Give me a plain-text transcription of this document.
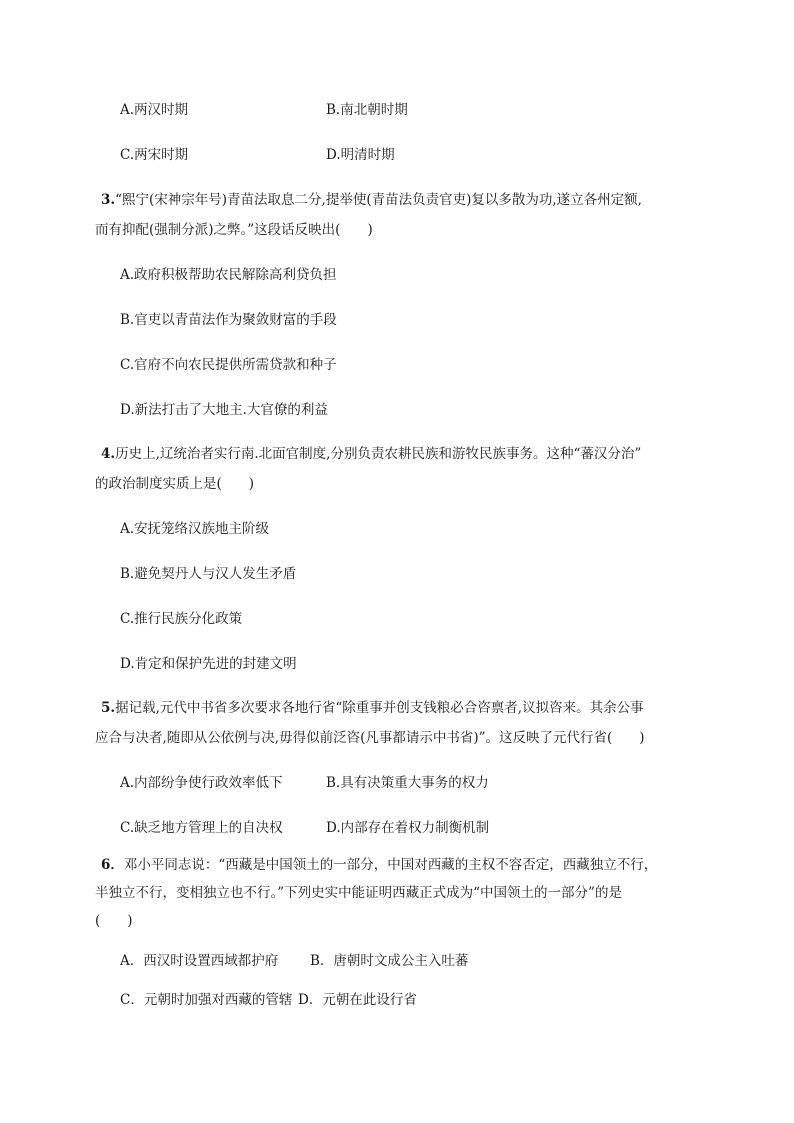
A.两汉时期	B.南北朝时期
C.两宋时期	D.明清时期
3.“熙宁(宋神宗年号)青苗法取息二分,提举使(青苗法负责官吏)复以多散为功,遂立各州定额,
而有抑配(强制分派)之弊。”这段话反映出(　　)
A.政府积极帮助农民解除高利贷负担
B.官吏以青苗法作为聚敛财富的手段
C.官府不向农民提供所需贷款和种子
D.新法打击了大地主.大官僚的利益
4.历史上,辽统治者实行南.北面官制度,分别负责农耕民族和游牧民族事务。这种“蕃汉分治”
的政治制度实质上是(　　)
A.安抚笼络汉族地主阶级
B.避免契丹人与汉人发生矛盾
C.推行民族分化政策
D.肯定和保护先进的封建文明
5.据记载,元代中书省多次要求各地行省“除重事并创支钱粮必合咨禀者,议拟咨来。其余公事
应合与决者,随即从公依例与决,毋得似前泛咨(凡事都请示中书省)”。这反映了元代行省(　　)
A.内部纷争使行政效率低下	B.具有决策重大事务的权力
C.缺乏地方管理上的自决权	D.内部存在着权力制衡机制
6．邓小平同志说：“西藏是中国领土的一部分，中国对西藏的主权不容否定，西藏独立不行，
半独立不行，变相独立也不行。”下列史实中能证明西藏正式成为“中国领土的一部分”的是
(　　)
A．西汉时设置西域都护府 B．唐朝时文成公主入吐蕃
C．元朝时加强对西藏的管辖 D．元朝在此设行省
